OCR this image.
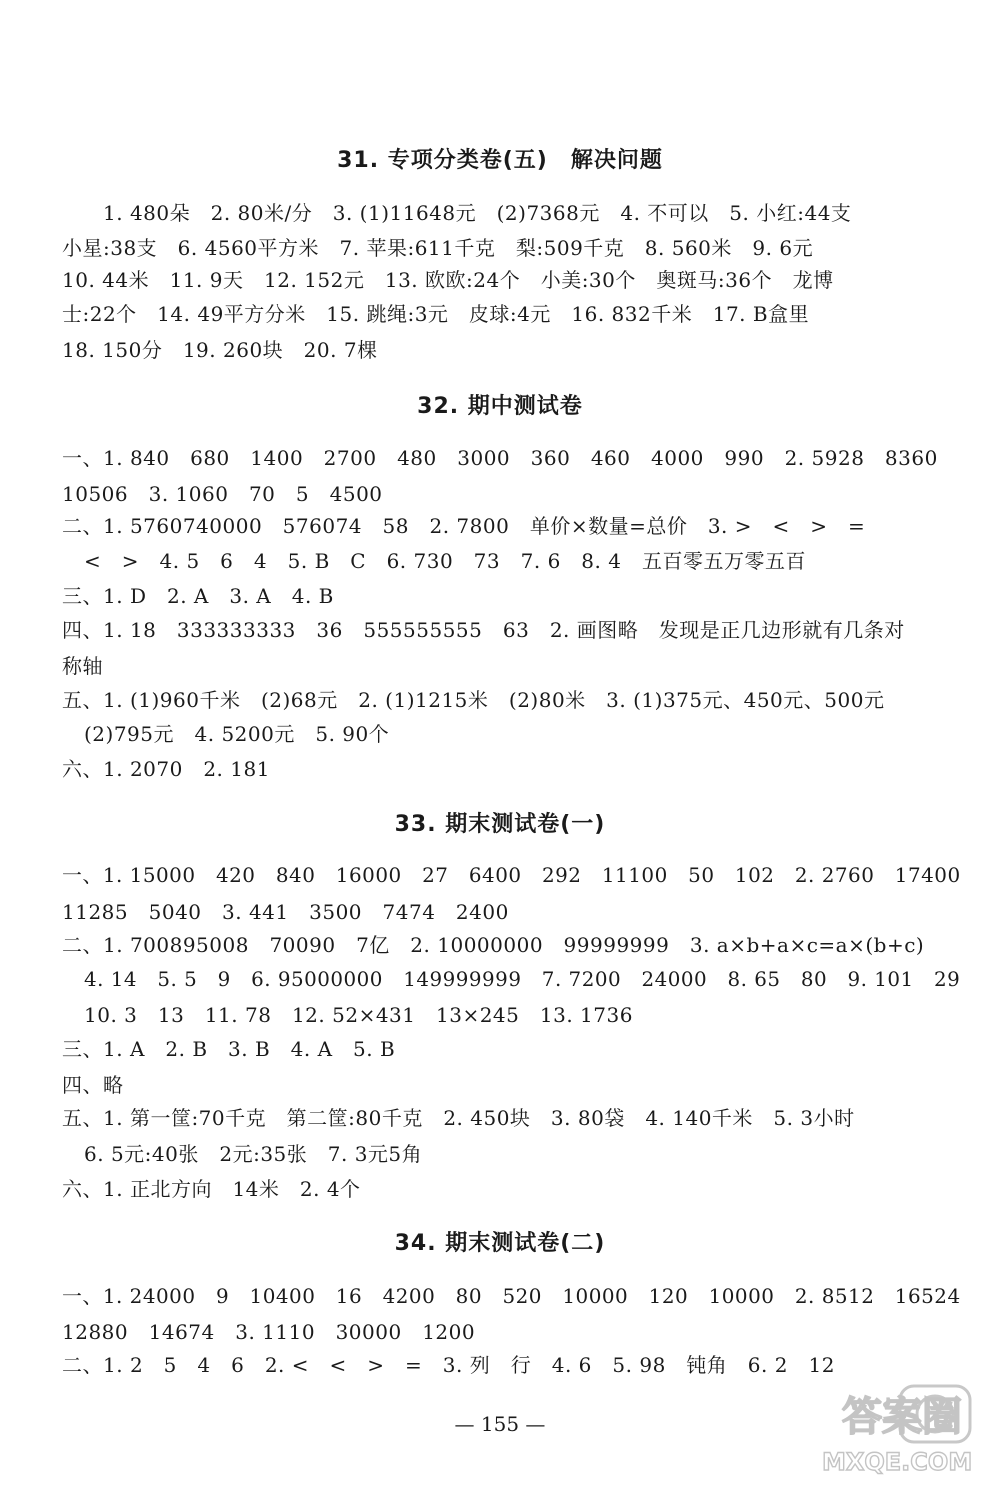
31. 专项分类卷(五)　解决问题
1. 480朵　2. 80米/分　3. (1)11648元　(2)7368元　4. 不可以　5. 小红:44支
小星:38支　6. 4560平方米　7. 苹果:611千克　梨:509千克　8. 560米　9. 6元
10. 44米　11. 9天　12. 152元　13. 欧欧:24个　小美:30个　奥斑马:36个　龙博
士:22个　14. 49平方分米　15. 跳绳:3元　皮球:4元　16. 832千米　17. B盒里
18. 150分　19. 260块　20. 7棵
32. 期中测试卷
一、1. 840　680　1400　2700　480　3000　360　460　4000　990　2. 5928　8360
10506　3. 1060　70　5　4500
二、1. 5760740000　576074　58　2. 7800　单价×数量=总价　3. >　<　>　=
<　>　4. 5　6　4　5. B　C　6. 730　73　7. 6　8. 4　五百零五万零五百
三、1. D　2. A　3. A　4. B
四、1. 18　333333333　36　555555555　63　2. 画图略　发现是正几边形就有几条对
称轴
五、1. (1)960千米　(2)68元　2. (1)1215米　(2)80米　3. (1)375元、450元、500元
(2)795元　4. 5200元　5. 90个
六、1. 2070　2. 181
33. 期末测试卷(一)
一、1. 15000　420　840　16000　27　6400　292　11100　50　102　2. 2760　17400
11285　5040　3. 441　3500　7474　2400
二、1. 700895008　70090　7亿　2. 10000000　99999999　3. a×b+a×c=a×(b+c)
4. 14　5. 5　9　6. 95000000　149999999　7. 7200　24000　8. 65　80　9. 101　29
10. 3　13　11. 78　12. 52×431　13×245　13. 1736
三、1. A　2. B　3. B　4. A　5. B
四、略
五、1. 第一筐:70千克　第二筐:80千克　2. 450块　3. 80袋　4. 140千米　5. 3小时
6. 5元:40张　2元:35张　7. 3元5角
六、1. 正北方向　14米　2. 4个
34. 期末测试卷(二)
一、1. 24000　9　10400　16　4200　80　520　10000　120　10000　2. 8512　16524
12880　14674　3. 1110　30000　1200
二、1. 2　5　4　6　2. <　<　>　=　3. 列　行　4. 6　5. 98　钝角　6. 2　12
— 155 —	答案圈
MXQE.COM
